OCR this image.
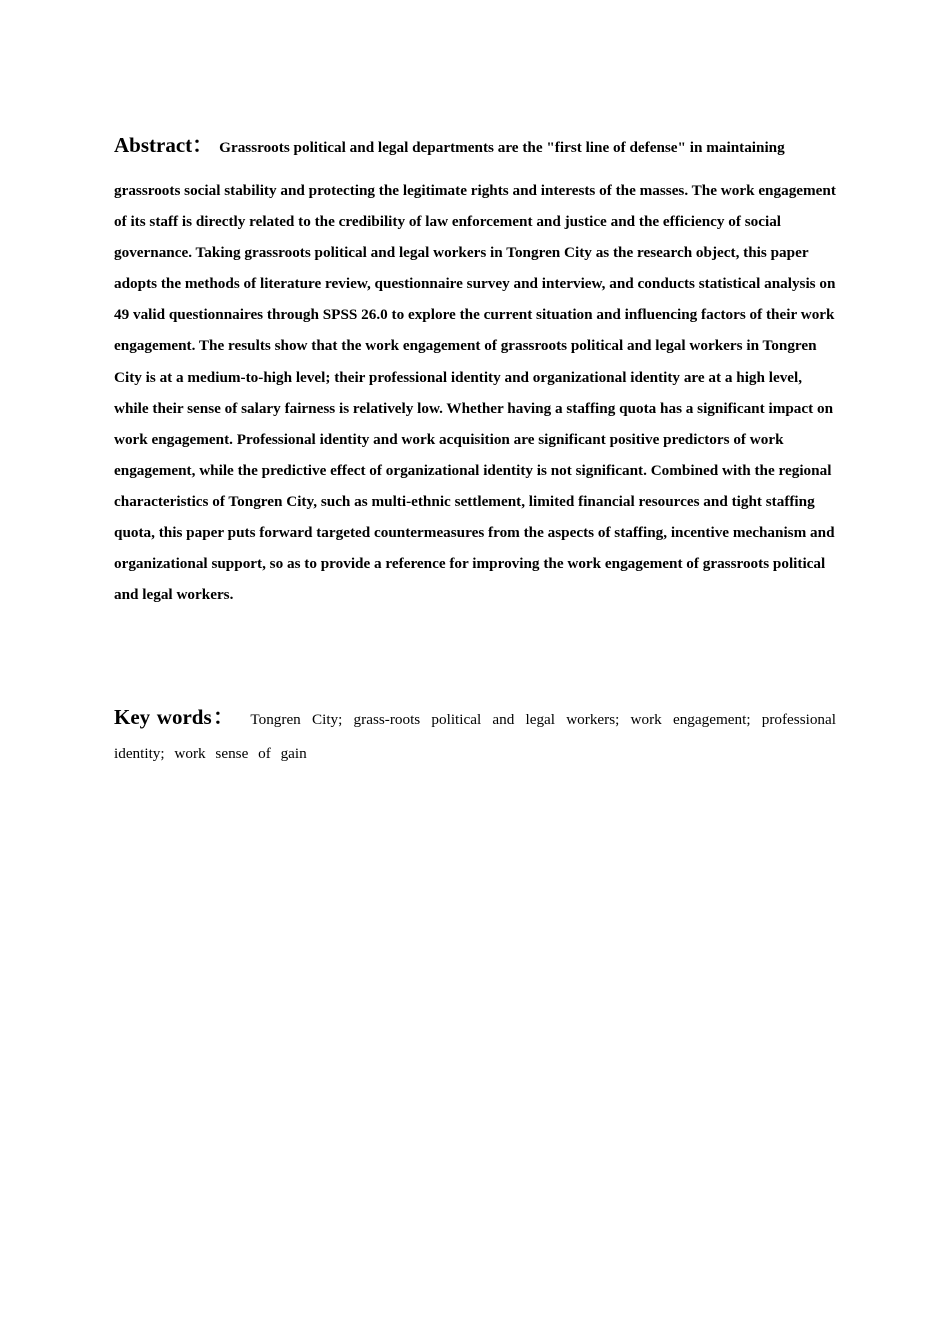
Abstract： Grassroots political and legal departments are the "first line of defense" in maintaining
grassroots social stability and protecting the legitimate rights and interests of the masses. The work engagement of its staff is directly related to the credibility of law enforcement and justice and the efficiency of social governance. Taking grassroots political and legal workers in Tongren City as the research object, this paper adopts the methods of literature review, questionnaire survey and interview, and conducts statistical analysis on 49 valid questionnaires through SPSS 26.0 to explore the current situation and influencing factors of their work engagement. The results show that the work engagement of grassroots political and legal workers in Tongren City is at a medium-to-high level; their professional identity and organizational identity are at a high level, while their sense of salary fairness is relatively low. Whether having a staffing quota has a significant impact on work engagement. Professional identity and work acquisition are significant positive predictors of work engagement, while the predictive effect of organizational identity is not significant. Combined with the regional characteristics of Tongren City, such as multi-ethnic settlement, limited financial resources and tight staffing quota, this paper puts forward targeted countermeasures from the aspects of staffing, incentive mechanism and organizational support, so as to provide a reference for improving the work engagement of grassroots political and legal workers.
Key words： Tongren City; grass-roots political and legal workers; work engagement; professional identity; work sense of gain
